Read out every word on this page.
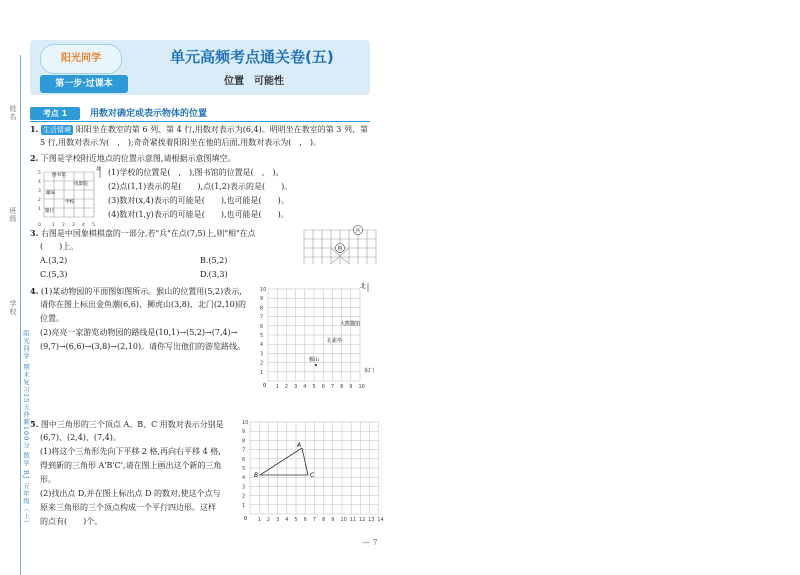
姓名
班级
学校
阳光同学·期末复习15天冲刺100分 数学 RJ 五年级（上）
阳光同学
第一步·过课本
单元高频考点通关卷(五)
位置　可能性
考点 1	用数对确定或表示物体的位置
1. 生活情境 阳阳坐在教室的第 6 列、第 4 行,用数对表示为(6,4)。明明坐在教室的第 3 列、第
5 行,用数对表示为(　,　);奇奇紧挨着阳阳坐在他的后面,用数对表示为(　,　)。
2. 下图是学校附近地点的位置示意图,请根据示意图填空。
北
图书馆
电影院
邮局
学校
银行
0 1 2 3 4 5
1
2
3
4
5	(1)学校的位置是(　,　),图书馆的位置是(　,　)。
(2)点(1,1)表示的是(　　),点(1,2)表示的是(　　)。
(3)数对(x,4)表示的可能是(　　),也可能是(　　)。
(4)数对(1,y)表示的可能是(　　),也可能是(　　)。
3. 右图是中国象棋棋盘的一部分,若"兵"在点(7,5)上,则"相"在点
(　　)上。
A.(3,2)	B.(5,2)
C.(5,3)	D.(3,3)
兵
相
4. (1)某动物园的平面图如图所示。猴山的位置用(5,2)表示,
请你在图上标出金鱼潮(6,6)、狮虎山(3,8)、北门(2,10)的
位置。
(2)亮亮一家游览动物园的路线是(10,1)→(5,2)→(7,4)→
(9,7)→(6,6)→(3,8)→(2,10)。请你写出他们的游览路线。
北
大熊猫馆
孔雀亭
猴山
东门
0 1 2 3 4 5 6 7 8 9 10
1
2
3
4
5
6
7
8
9
10
5. 图中三角形的三个顶点 A、B、C 用数对表示分别是
(6,7)、(2,4)、(7,4)。
(1)将这个三角形先向下平移 2 格,再向右平移 4 格,
得到新的三角形 A'B'C',请在图上画出这个新的三角
形。
(2)找出点 D,并在图上标出点 D 的数对,使这个点与
原来三角形的三个顶点构成一个平行四边形。这样
的点有(　　)个。
A
B	C
0 1 2 3 4 5 6 7 8 9 10 11 12 13 14
1
2
3
4
5
6
7
8
9
10
— 7
